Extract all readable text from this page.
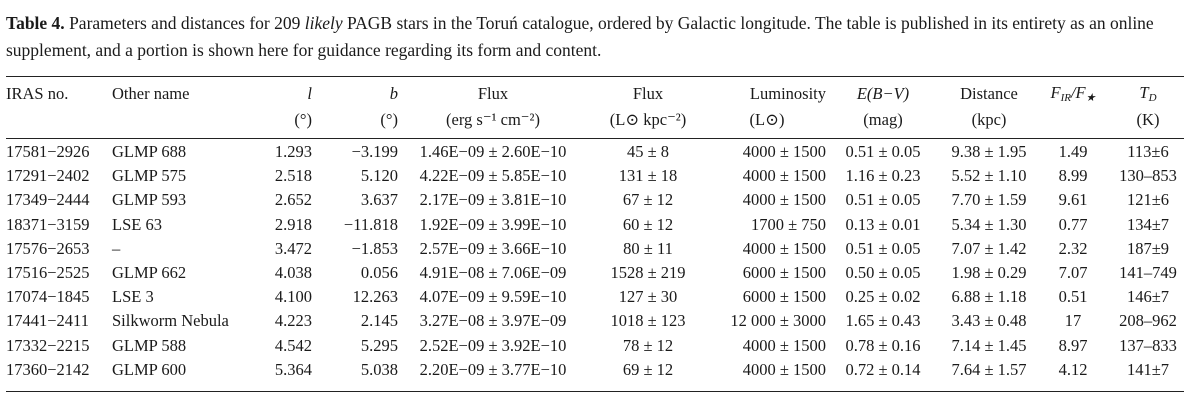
Table 4. Parameters and distances for 209 likely PAGB stars in the Toruń catalogue, ordered by Galactic longitude. The table is published in its entirety as an online supplement, and a portion is shown here for guidance regarding its form and content.
IRAS no.	Other name	l	b	Flux	Flux	Luminosity	E(B−V)	Distance	$F_{IR}/F_★$	$T_D$
		(°)	(°)	(erg s⁻¹ cm⁻²)	(L⊙ kpc⁻²)	(L⊙)	(mag)	(kpc)		(K)

17581−2926	GLMP 688	1.293	−3.199	1.46E−09 ± 2.60E−10	45 ± 8	4000 ± 1500	0.51 ± 0.05	9.38 ± 1.95	1.49	113±6
17291−2402	GLMP 575	2.518	5.120	4.22E−09 ± 5.85E−10	131 ± 18	4000 ± 1500	1.16 ± 0.23	5.52 ± 1.10	8.99	130–853
17349−2444	GLMP 593	2.652	3.637	2.17E−09 ± 3.81E−10	67 ± 12	4000 ± 1500	0.51 ± 0.05	7.70 ± 1.59	9.61	121±6
18371−3159	LSE 63	2.918	−11.818	1.92E−09 ± 3.99E−10	60 ± 12	1700 ± 750	0.13 ± 0.01	5.34 ± 1.30	0.77	134±7
17576−2653	–	3.472	−1.853	2.57E−09 ± 3.66E−10	80 ± 11	4000 ± 1500	0.51 ± 0.05	7.07 ± 1.42	2.32	187±9
17516−2525	GLMP 662	4.038	0.056	4.91E−08 ± 7.06E−09	1528 ± 219	6000 ± 1500	0.50 ± 0.05	1.98 ± 0.29	7.07	141–749
17074−1845	LSE 3	4.100	12.263	4.07E−09 ± 9.59E−10	127 ± 30	6000 ± 1500	0.25 ± 0.02	6.88 ± 1.18	0.51	146±7
17441−2411	Silkworm Nebula	4.223	2.145	3.27E−08 ± 3.97E−09	1018 ± 123	12 000 ± 3000	1.65 ± 0.43	3.43 ± 0.48	17	208–962
17332−2215	GLMP 588	4.542	5.295	2.52E−09 ± 3.92E−10	78 ± 12	4000 ± 1500	0.78 ± 0.16	7.14 ± 1.45	8.97	137–833
17360−2142	GLMP 600	5.364	5.038	2.20E−09 ± 3.77E−10	69 ± 12	4000 ± 1500	0.72 ± 0.14	7.64 ± 1.57	4.12	141±7
